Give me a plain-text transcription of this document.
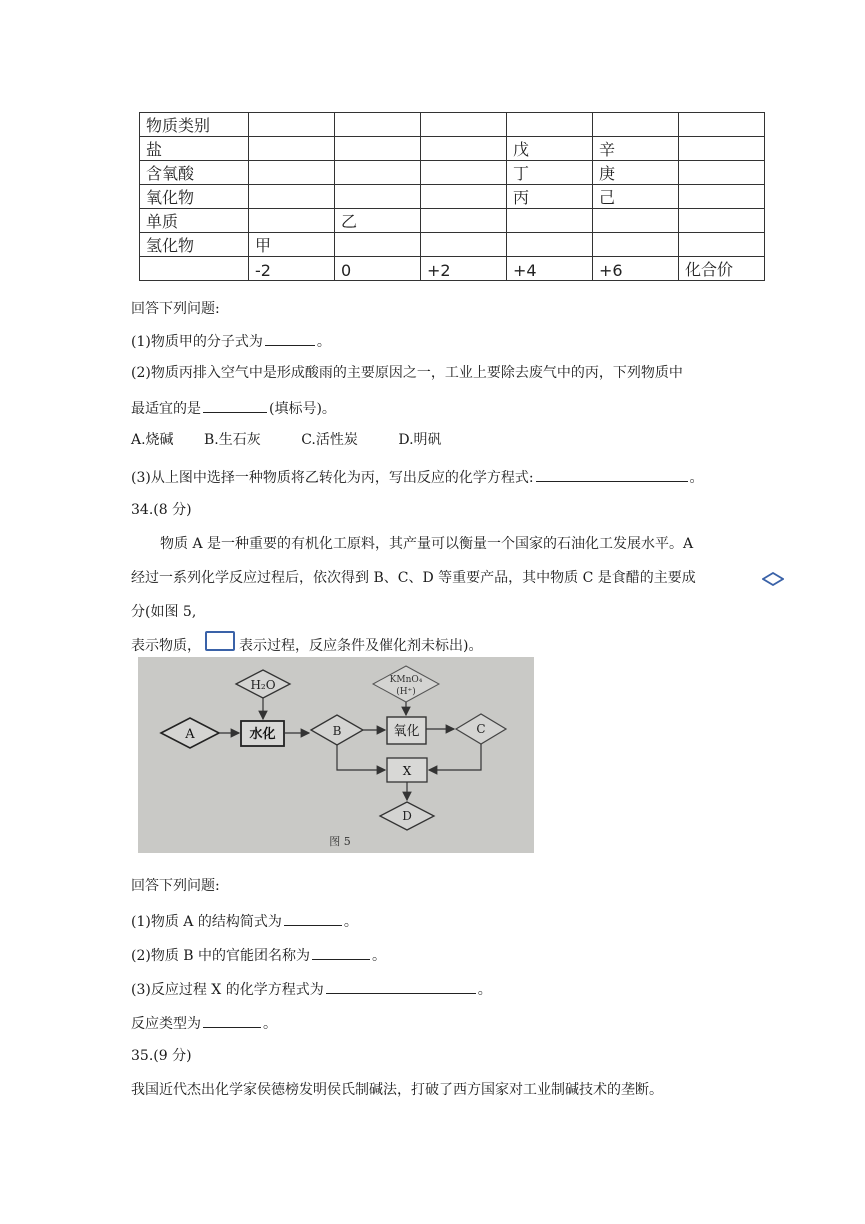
物质类别						
盐				戊	辛	
含氧酸				丁	庚	
氧化物				丙	己	
单质		乙				
氢化物	甲					
	-2	0	+2	+4	+6	化合价
回答下列问题:
(1)物质甲的分子式为	。
(2)物质丙排入空气中是形成酸雨的主要原因之一，工业上要除去废气中的丙，下列物质中
最适宜的是	(填标号)。
A.烧碱 B.生石灰	C.活性炭	D.明矾
(3)从上图中选择一种物质将乙转化为丙，写出反应的化学方程式:	。
34.(8 分)
物质 A 是一种重要的有机化工原料，其产量可以衡量一个国家的石油化工发展水平。A
经过一系列化学反应过程后，依次得到 B、C、D 等重要产品，其中物质 C 是食醋的主要成
分(如图 5,
表示物质，	表示过程，反应条件及催化剂未标出)。
H₂O	KMnO₄
(H⁺)
A	水化	B	氧化	C
X
D
图 5
回答下列问题:
(1)物质 A 的结构简式为	。
(2)物质 B 中的官能团名称为	。
(3)反应过程 X 的化学方程式为	。
反应类型为	。
35.(9 分)
我国近代杰出化学家侯德榜发明侯氏制碱法，打破了西方国家对工业制碱技术的垄断。
